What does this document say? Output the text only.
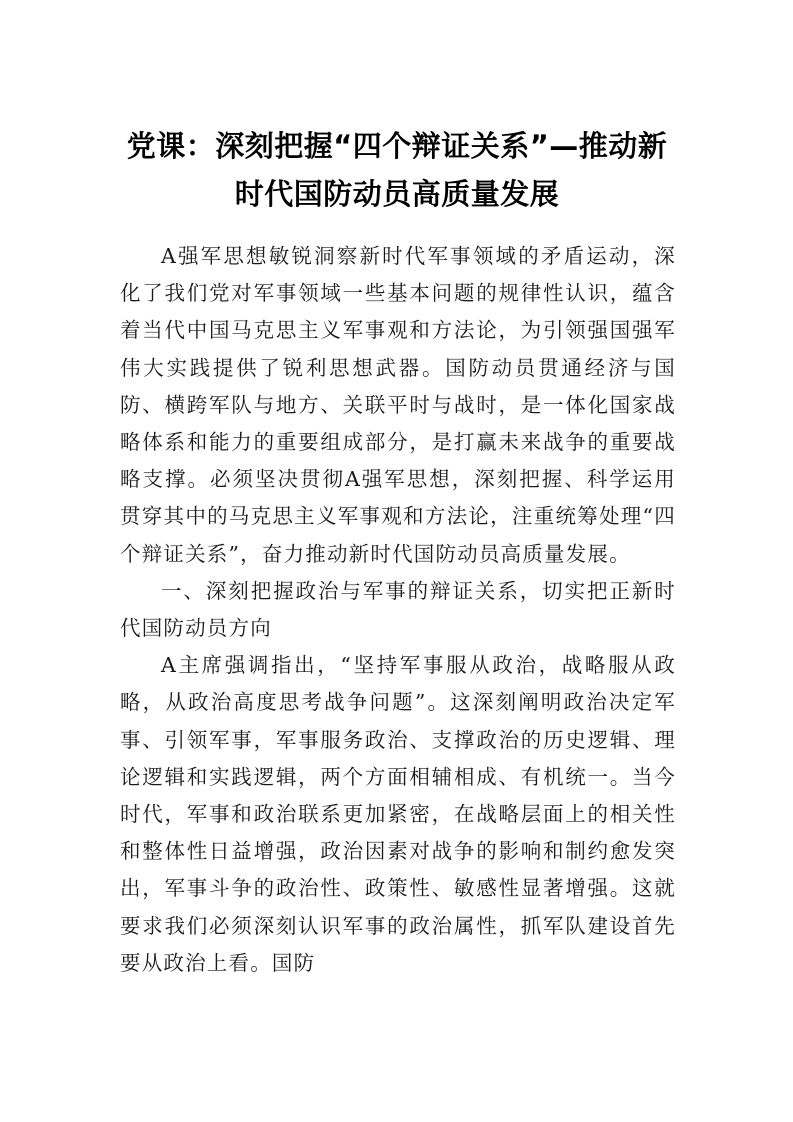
党课：深刻把握“四个辩证关系”—推动新时代国防动员高质量发展

A强军思想敏锐洞察新时代军事领域的矛盾运动，深化了我们党对军事领域一些基本问题的规律性认识，蕴含着当代中国马克思主义军事观和方法论，为引领强国强军伟大实践提供了锐利思想武器。国防动员贯通经济与国防、横跨军队与地方、关联平时与战时，是一体化国家战略体系和能力的重要组成部分，是打赢未来战争的重要战略支撑。必须坚决贯彻A强军思想，深刻把握、科学运用贯穿其中的马克思主义军事观和方法论，注重统筹处理“四个辩证关系”，奋力推动新时代国防动员高质量发展。

一、深刻把握政治与军事的辩证关系，切实把正新时代国防动员方向

A主席强调指出，“坚持军事服从政治，战略服从政略，从政治高度思考战争问题”。这深刻阐明政治决定军事、引领军事，军事服务政治、支撑政治的历史逻辑、理论逻辑和实践逻辑，两个方面相辅相成、有机统一。当今时代，军事和政治联系更加紧密，在战略层面上的相关性和整体性日益增强，政治因素对战争的影响和制约愈发突出，军事斗争的政治性、政策性、敏感性显著增强。这就要求我们必须深刻认识军事的政治属性，抓军队建设首先要从政治上看。国防
